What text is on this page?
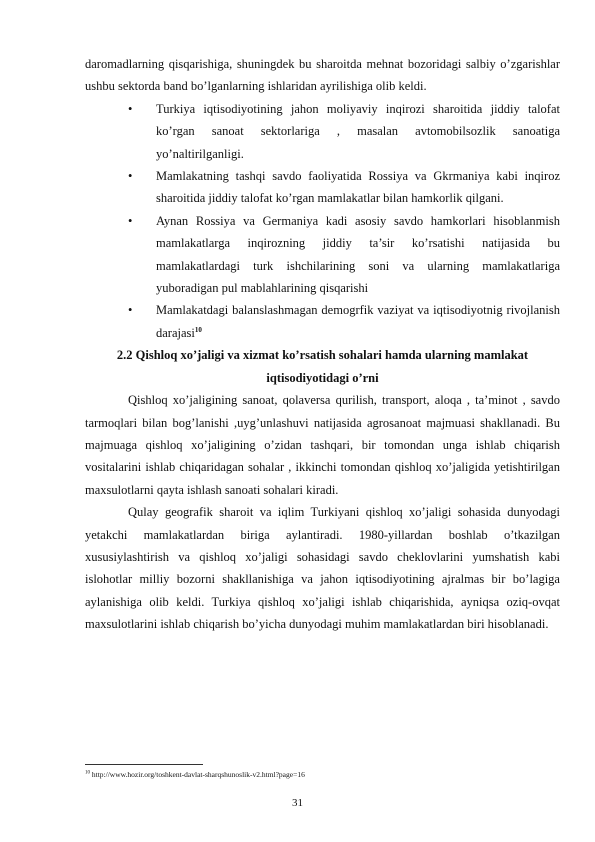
daromadlarning qisqarishiga, shuningdek bu sharoitda mehnat bozoridagi salbiy o’zgarishlar ushbu sektorda band bo’lganlarning ishlaridan ayrilishiga olib keldi.

• Turkiya iqtisodiyotining jahon moliyaviy inqirozi sharoitida jiddiy talofat ko’rgan sanoat sektorlariga , masalan avtomobilsozlik sanoatiga yo’naltirilganligi.

• Mamlakatning tashqi savdo faoliyatida Rossiya va Gkrmaniya kabi inqiroz sharoitida jiddiy talofat ko’rgan mamlakatlar bilan hamkorlik qilgani.

• Aynan Rossiya va Germaniya kadi asosiy savdo hamkorlari hisoblanmish mamlakatlarga inqirozning jiddiy ta’sir ko’rsatishi natijasida bu mamlakatlardagi turk ishchilarining soni va ularning mamlakatlariga yuboradigan pul mablahlarining qisqarishi

• Mamlakatdagi balanslashmagan demogrfik vaziyat va iqtisodiyotnig rivojlanish darajasi$^{10}$

2.2 Qishloq xo’jaligi va xizmat ko’rsatish sohalari hamda ularning mamlakat iqtisodiyotidagi o’rni

Qishloq xo’jaligining sanoat, qolaversa qurilish, transport, aloqa , ta’minot , savdo tarmoqlari bilan bog’lanishi ,uyg’unlashuvi natijasida agrosanoat majmuasi shakllanadi. Bu majmuaga qishloq xo’jaligining o’zidan tashqari, bir tomondan unga ishlab chiqarish vositalarini ishlab chiqaridagan sohalar , ikkinchi tomondan qishloq xo’jaligida yetishtirilgan maxsulotlarni qayta ishlash sanoati sohalari kiradi.

Qulay geografik sharoit va iqlim Turkiyani qishloq xo’jaligi sohasida dunyodagi yetakchi mamlakatlardan biriga aylantiradi. 1980-yillardan boshlab o’tkazilgan xususiylashtirish va qishloq xo’jaligi sohasidagi savdo cheklovlarini yumshatish kabi islohotlar milliy bozorni shakllanishiga va jahon iqtisodiyotining ajralmas bir bo’lagiga aylanishiga olib keldi. Turkiya qishloq xo’jaligi ishlab chiqarishida, ayniqsa oziq-ovqat maxsulotlarini ishlab chiqarish bo’yicha dunyodagi muhim mamlakatlardan biri hisoblanadi.

$^{10}$ http://www.hozir.org/toshkent-davlat-sharqshunoslik-v2.html?page=16
31
